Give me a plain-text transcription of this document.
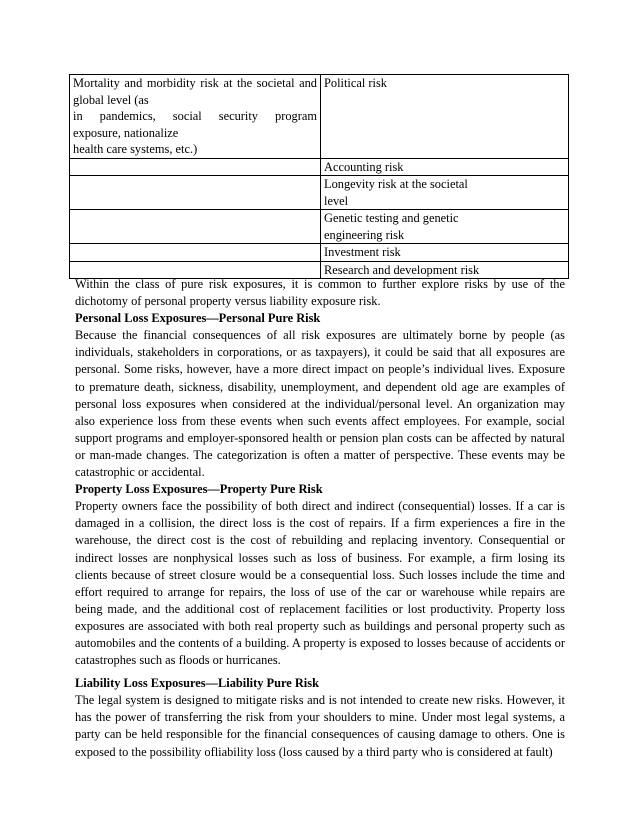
Mortality and morbidity risk at the societal and
global level (as
in pandemics, social security program
exposure, nationalize
health care systems, etc.)	Political risk

	Accounting risk

	Longevity risk at the societal
level

	Genetic testing and genetic
engineering risk

	Investment risk

	Research and development risk

Within the class of pure risk exposures, it is common to further explore risks by use of the dichotomy of personal property versus liability exposure risk.

Personal Loss Exposures—Personal Pure Risk

Because the financial consequences of all risk exposures are ultimately borne by people (as individuals, stakeholders in corporations, or as taxpayers), it could be said that all exposures are personal. Some risks, however, have a more direct impact on people’s individual lives. Exposure to premature death, sickness, disability, unemployment, and dependent old age are examples of personal loss exposures when considered at the individual/personal level. An organization may also experience loss from these events when such events affect employees. For example, social support programs and employer-sponsored health or pension plan costs can be affected by natural or man-made changes. The categorization is often a matter of perspective. These events may be catastrophic or accidental.

Property Loss Exposures—Property Pure Risk

Property owners face the possibility of both direct and indirect (consequential) losses. If a car is damaged in a collision, the direct loss is the cost of repairs. If a firm experiences a fire in the warehouse, the direct cost is the cost of rebuilding and replacing inventory. Consequential or indirect losses are nonphysical losses such as loss of business. For example, a firm losing its clients because of street closure would be a consequential loss. Such losses include the time and effort required to arrange for repairs, the loss of use of the car or warehouse while repairs are being made, and the additional cost of replacement facilities or lost productivity. Property loss exposures are associated with both real property such as buildings and personal property such as automobiles and the contents of a building. A property is exposed to losses because of accidents or catastrophes such as floods or hurricanes.

Liability Loss Exposures—Liability Pure Risk

The legal system is designed to mitigate risks and is not intended to create new risks. However, it has the power of transferring the risk from your shoulders to mine. Under most legal systems, a party can be held responsible for the financial consequences of causing damage to others. One is exposed to the possibility ofliability loss (loss caused by a third party who is considered at fault)
